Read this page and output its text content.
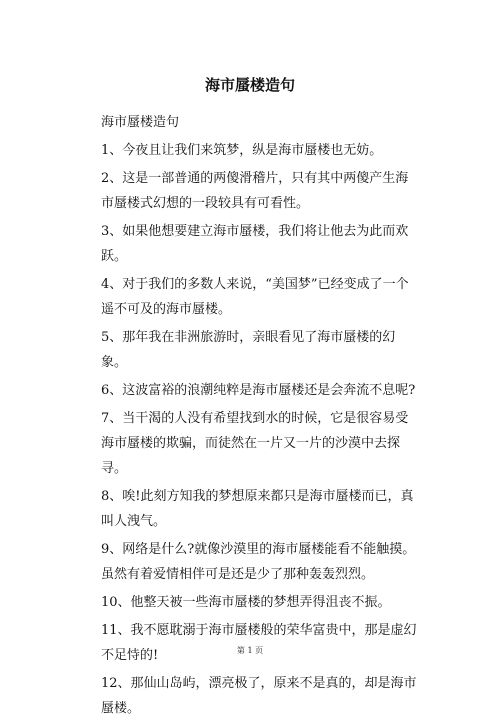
海市蜃楼造句

海市蜃楼造句

1、今夜且让我们来筑梦，纵是海市蜃楼也无妨。

2、这是一部普通的两傻滑稽片，只有其中两傻产生海市蜃楼式幻想的一段较具有可看性。

3、如果他想要建立海市蜃楼，我们将让他去为此而欢跃。

4、对于我们的多数人来说，“美国梦”已经变成了一个遥不可及的海市蜃楼。

5、那年我在非洲旅游时，亲眼看见了海市蜃楼的幻象。

6、这波富裕的浪潮纯粹是海市蜃楼还是会奔流不息呢?

7、当干渴的人没有希望找到水的时候，它是很容易受海市蜃楼的欺骗，而徒然在一片又一片的沙漠中去探寻。

8、唉!此刻方知我的梦想原来都只是海市蜃楼而已，真叫人洩气。

9、网络是什么?就像沙漠里的海市蜃楼能看不能触摸。虽然有着爱情相伴可是还是少了那种轰轰烈烈。

10、他整天被一些海市蜃楼的梦想弄得沮丧不振。

11、我不愿耽溺于海市蜃楼般的荣华富贵中，那是虚幻不足恃的!

12、那仙山岛屿，漂亮极了，原来不是真的，却是海市蜃楼。

第 1 页
